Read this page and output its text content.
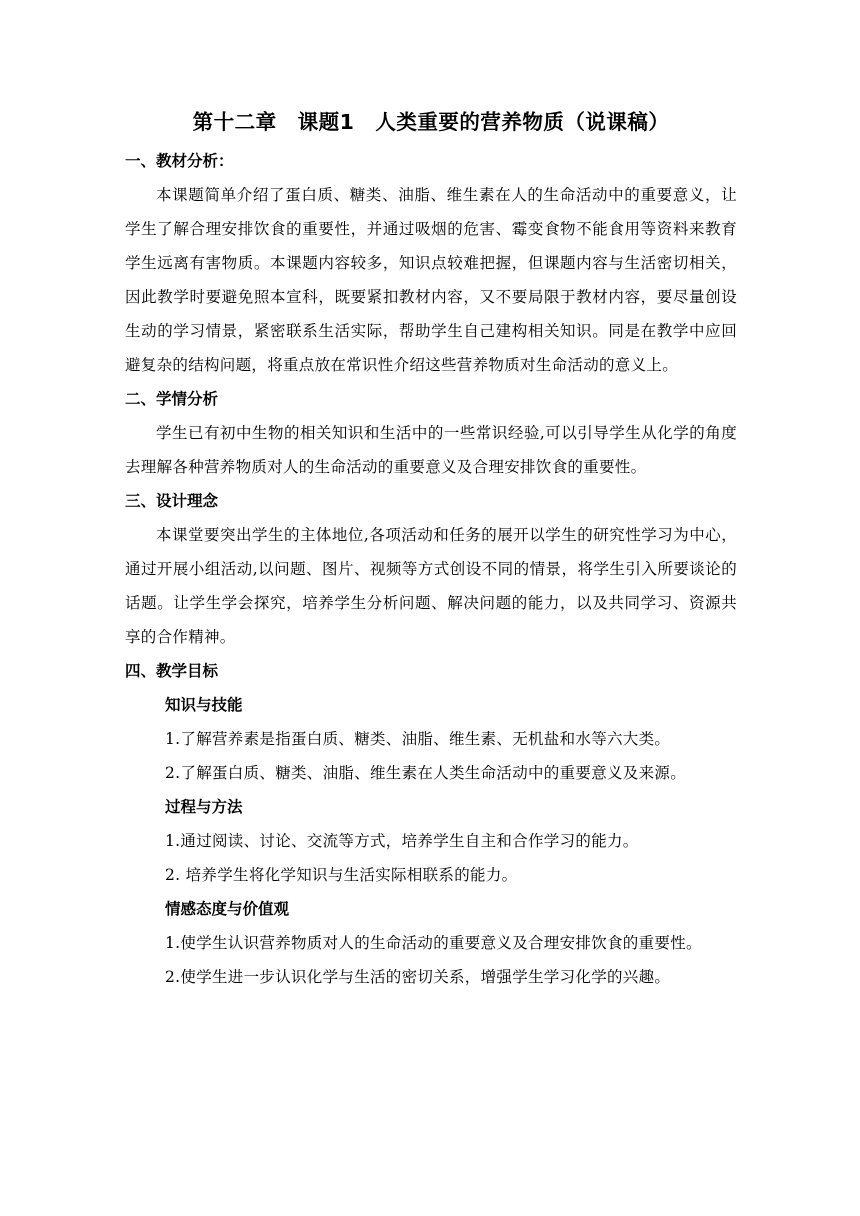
第十二章　课题1　人类重要的营养物质（说课稿）
一、教材分析：

本课题简单介绍了蛋白质、糖类、油脂、维生素在人的生命活动中的重要意义，让学生了解合理安排饮食的重要性，并通过吸烟的危害、霉变食物不能食用等资料来教育学生远离有害物质。本课题内容较多，知识点较难把握，但课题内容与生活密切相关，因此教学时要避免照本宣科，既要紧扣教材内容，又不要局限于教材内容，要尽量创设生动的学习情景，紧密联系生活实际，帮助学生自己建构相关知识。同是在教学中应回避复杂的结构问题，将重点放在常识性介绍这些营养物质对生命活动的意义上。

二、学情分析

学生已有初中生物的相关知识和生活中的一些常识经验,可以引导学生从化学的角度去理解各种营养物质对人的生命活动的重要意义及合理安排饮食的重要性。

三、设计理念

本课堂要突出学生的主体地位,各项活动和任务的展开以学生的研究性学习为中心，通过开展小组活动,以问题、图片、视频等方式创设不同的情景，将学生引入所要谈论的话题。让学生学会探究，培养学生分析问题、解决问题的能力，以及共同学习、资源共享的合作精神。

四、教学目标
知识与技能

1.了解营养素是指蛋白质、糖类、油脂、维生素、无机盐和水等六大类。

2.了解蛋白质、糖类、油脂、维生素在人类生命活动中的重要意义及来源。

过程与方法

1.通过阅读、讨论、交流等方式，培养学生自主和合作学习的能力。

2. 培养学生将化学知识与生活实际相联系的能力。

情感态度与价值观

1.使学生认识营养物质对人的生命活动的重要意义及合理安排饮食的重要性。

2.使学生进一步认识化学与生活的密切关系，增强学生学习化学的兴趣。
